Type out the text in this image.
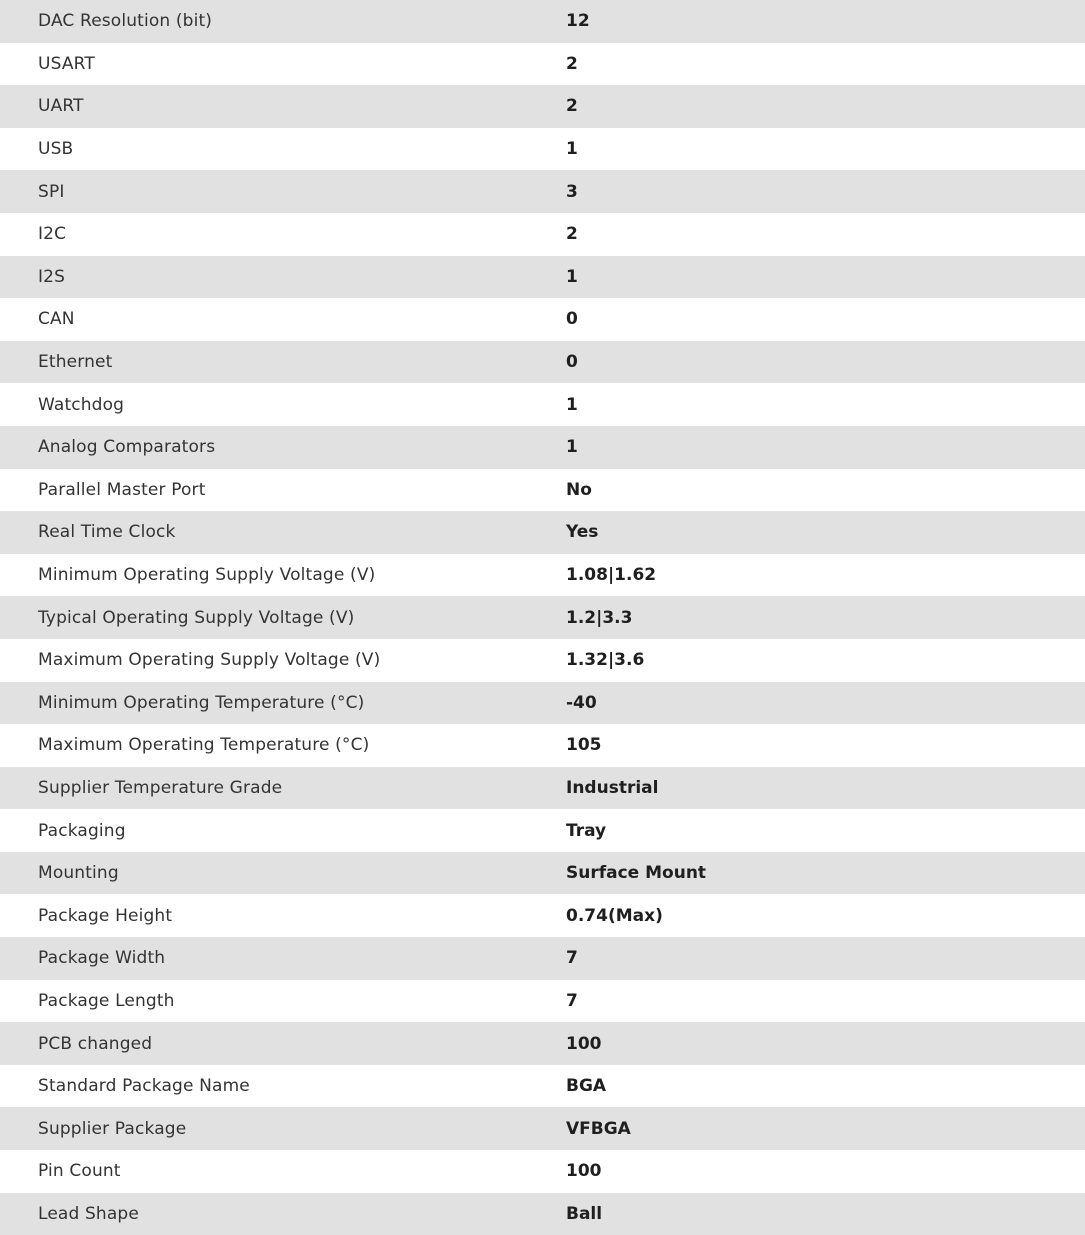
DAC Resolution (bit)	12
USART	2
UART	2
USB	1
SPI	3
I2C	2
I2S	1
CAN	0
Ethernet	0
Watchdog	1
Analog Comparators	1
Parallel Master Port	No
Real Time Clock	Yes
Minimum Operating Supply Voltage (V)	1.08|1.62
Typical Operating Supply Voltage (V)	1.2|3.3
Maximum Operating Supply Voltage (V)	1.32|3.6
Minimum Operating Temperature (°C)	-40
Maximum Operating Temperature (°C)	105
Supplier Temperature Grade	Industrial
Packaging	Tray
Mounting	Surface Mount
Package Height	0.74(Max)
Package Width	7
Package Length	7
PCB changed	100
Standard Package Name	BGA
Supplier Package	VFBGA
Pin Count	100
Lead Shape	Ball
